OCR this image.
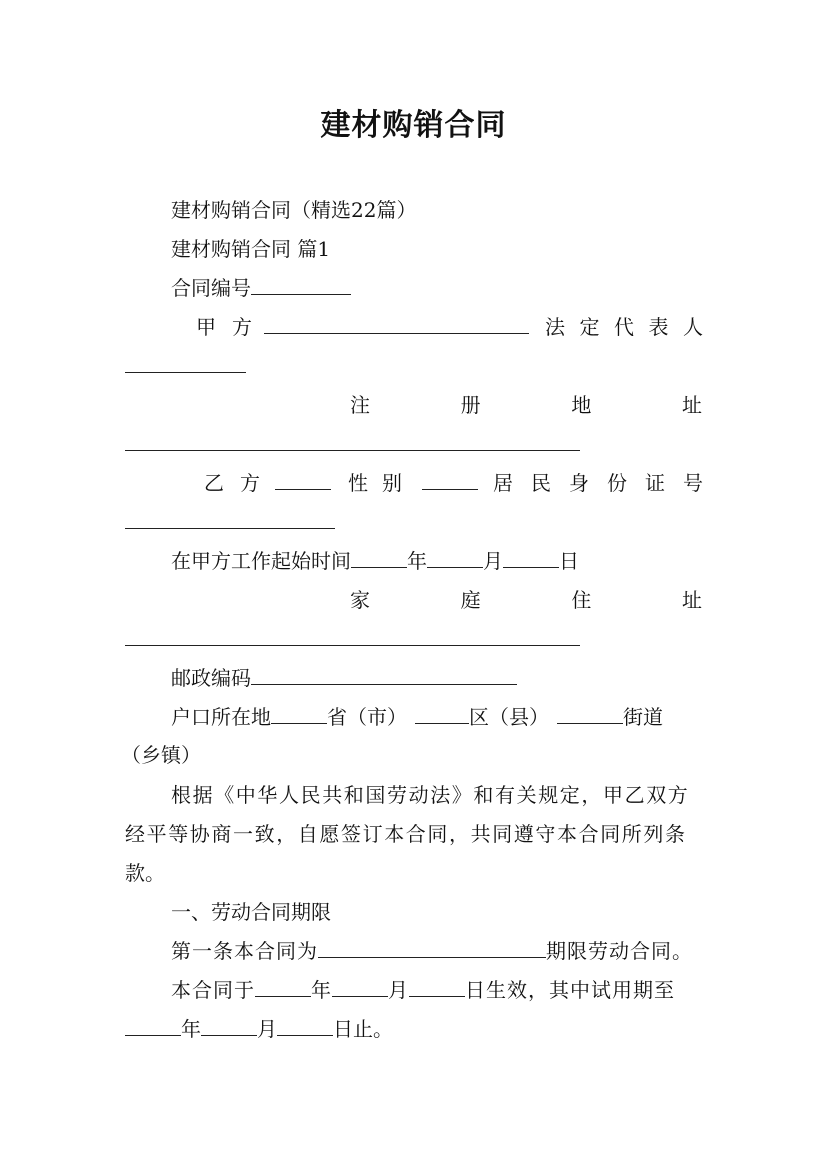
建材购销合同
建材购销合同（精选22篇）
建材购销合同 篇1
合同编号
甲 方	法 定 代 表 人
注	册	地	址
乙 方	性 别	居 民 身 份 证 号
在甲方工作起始时间	年	月	日
家	庭	住	址
邮政编码
户口所在地	省（市）	区（县）	街道
（乡镇）
根据《中华人民共和国劳动法》和有关规定，甲乙双方
经平等协商一致，自愿签订本合同，共同遵守本合同所列条
款。
一、劳动合同期限
第一条本合同为	期限劳动合同。
本合同于	年	月	日生效，其中试用期至
年	月	日止。
